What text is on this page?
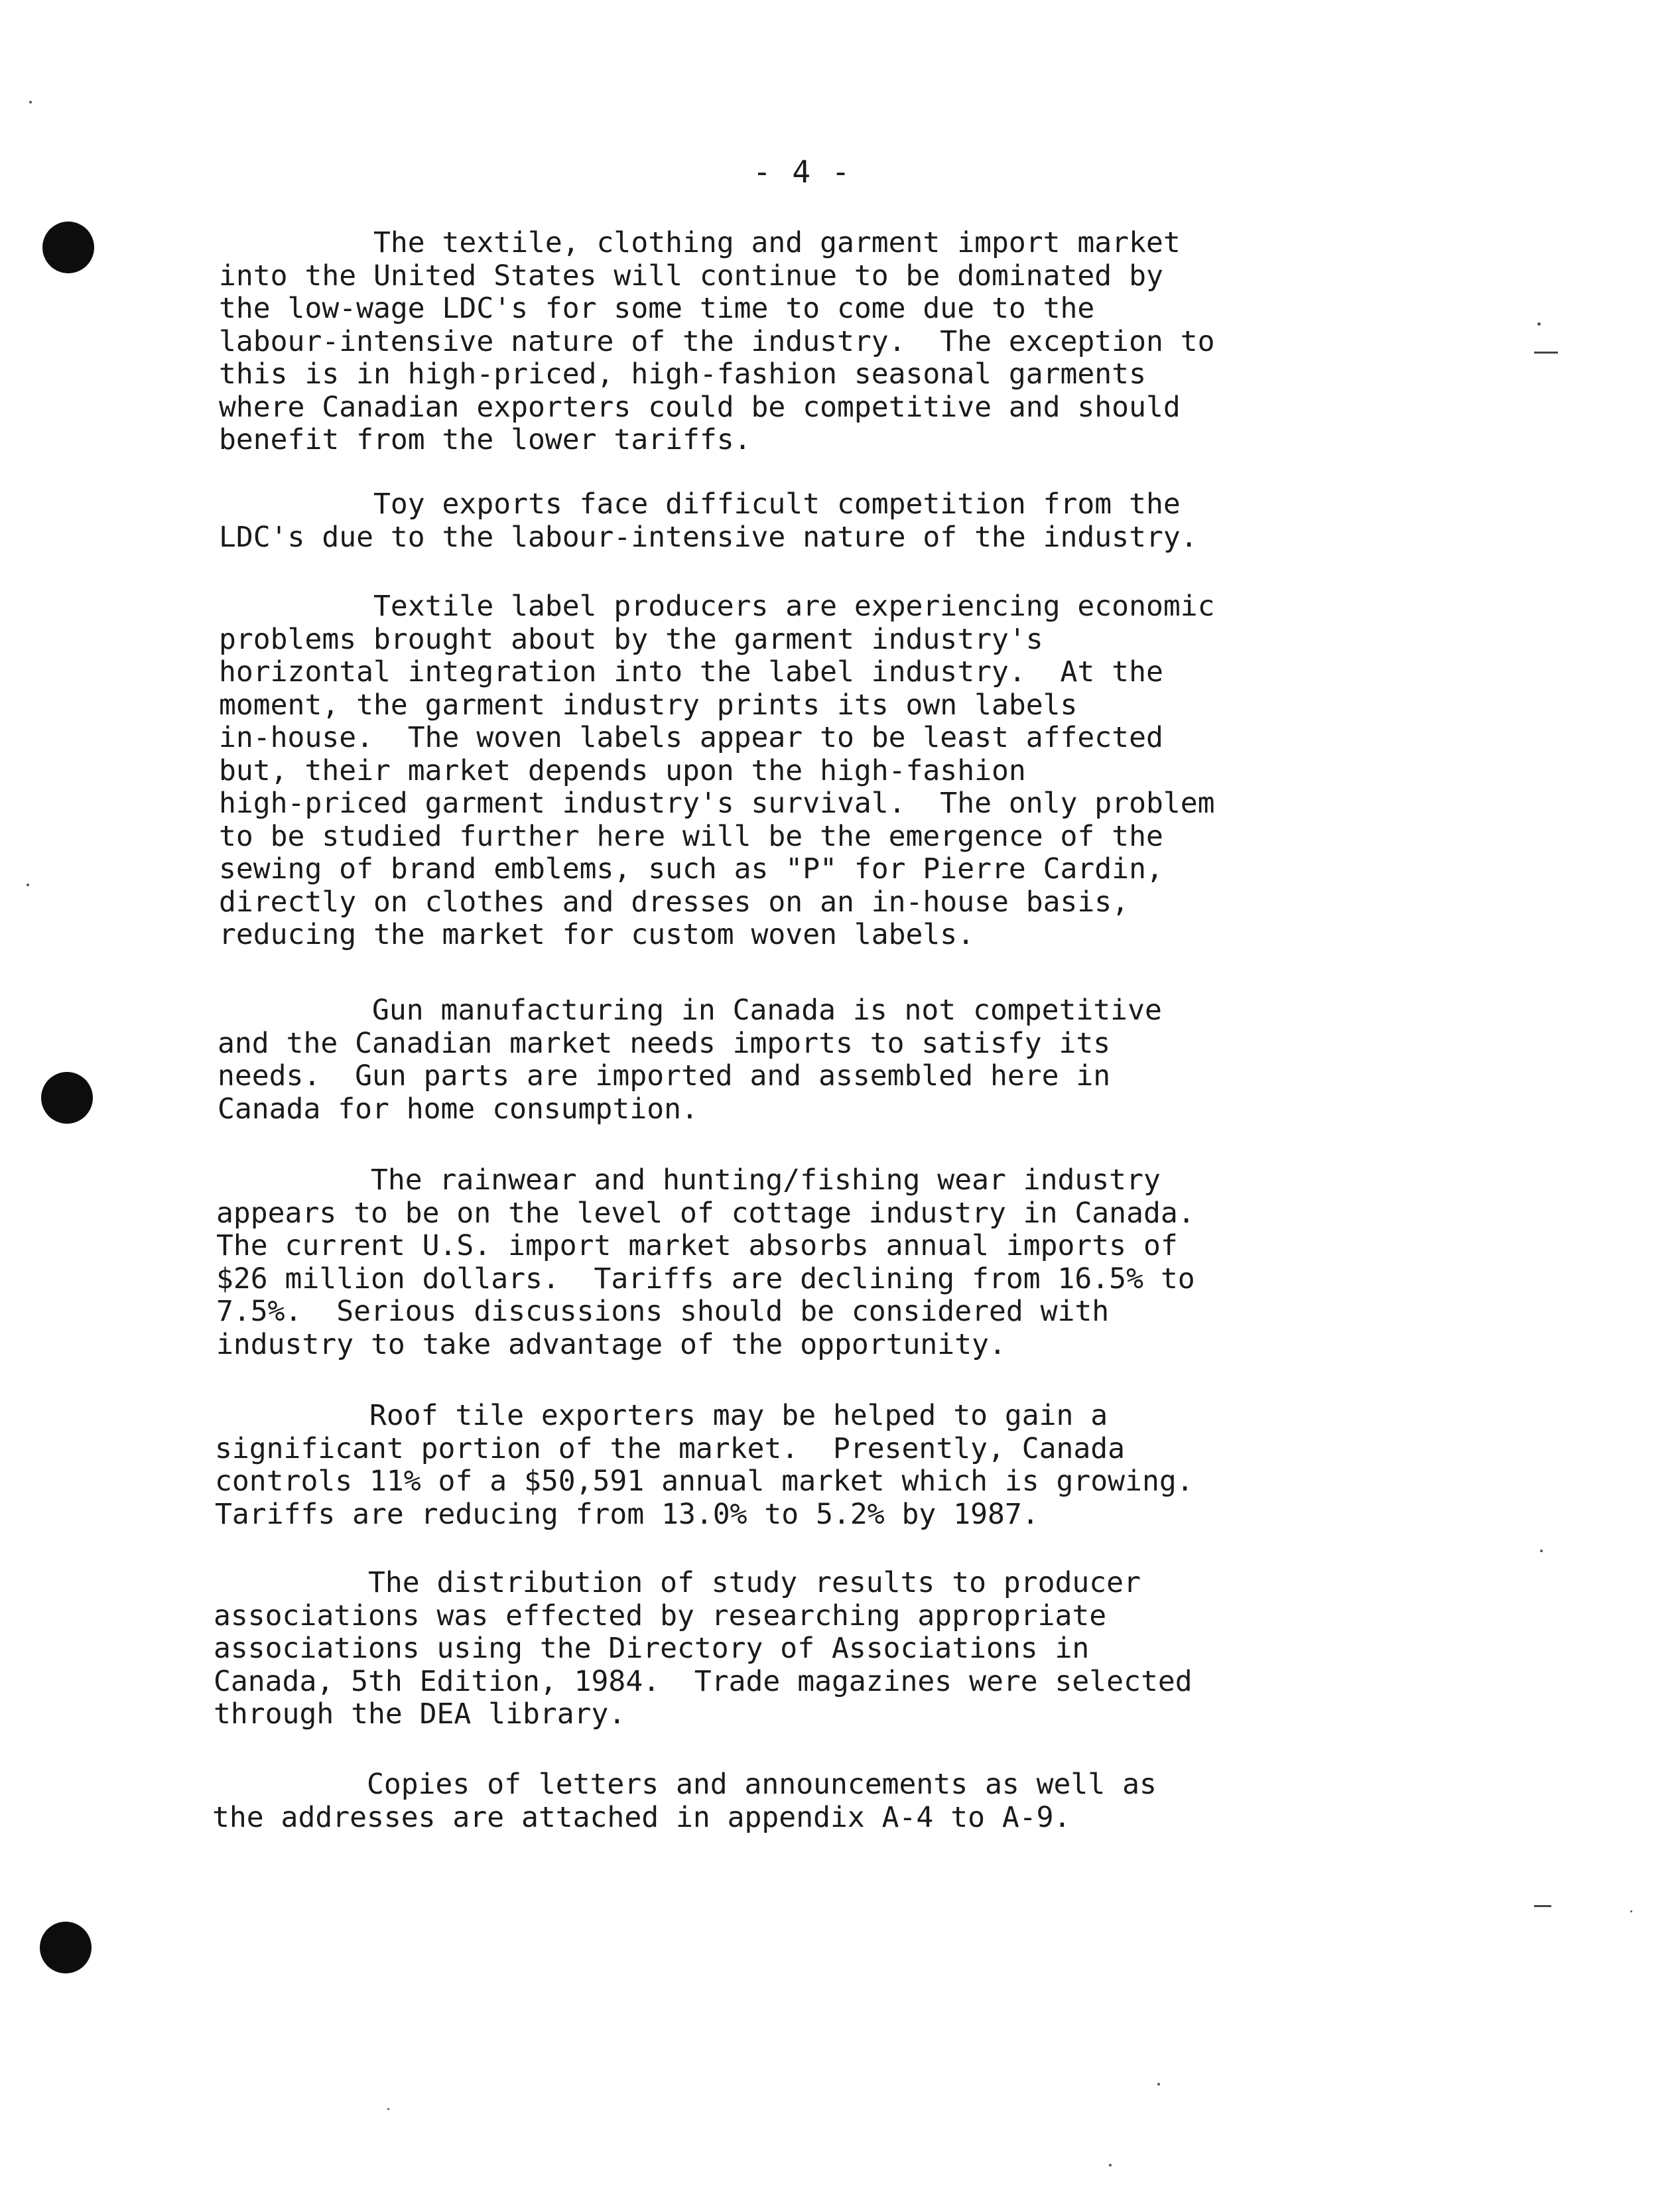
- 4 -

The textile, clothing and garment import market
into the United States will continue to be dominated by
the low-wage LDC's for some time to come due to the
labour-intensive nature of the industry.  The exception to
this is in high-priced, high-fashion seasonal garments
where Canadian exporters could be competitive and should
benefit from the lower tariffs.

Toy exports face difficult competition from the
LDC's due to the labour-intensive nature of the industry.

Textile label producers are experiencing economic
problems brought about by the garment industry's
horizontal integration into the label industry.  At the
moment, the garment industry prints its own labels
in-house.  The woven labels appear to be least affected
but, their market depends upon the high-fashion
high-priced garment industry's survival.  The only problem
to be studied further here will be the emergence of the
sewing of brand emblems, such as "P" for Pierre Cardin,
directly on clothes and dresses on an in-house basis,
reducing the market for custom woven labels.

Gun manufacturing in Canada is not competitive
and the Canadian market needs imports to satisfy its
needs.  Gun parts are imported and assembled here in
Canada for home consumption.

The rainwear and hunting/fishing wear industry
appears to be on the level of cottage industry in Canada.
The current U.S. import market absorbs annual imports of
$26 million dollars.  Tariffs are declining from 16.5% to
7.5%.  Serious discussions should be considered with
industry to take advantage of the opportunity.

Roof tile exporters may be helped to gain a
significant portion of the market.  Presently, Canada
controls 11% of a $50,591 annual market which is growing.
Tariffs are reducing from 13.0% to 5.2% by 1987.

The distribution of study results to producer
associations was effected by researching appropriate
associations using the Directory of Associations in
Canada, 5th Edition, 1984.  Trade magazines were selected
through the DEA library.

Copies of letters and announcements as well as
the addresses are attached in appendix A-4 to A-9.
